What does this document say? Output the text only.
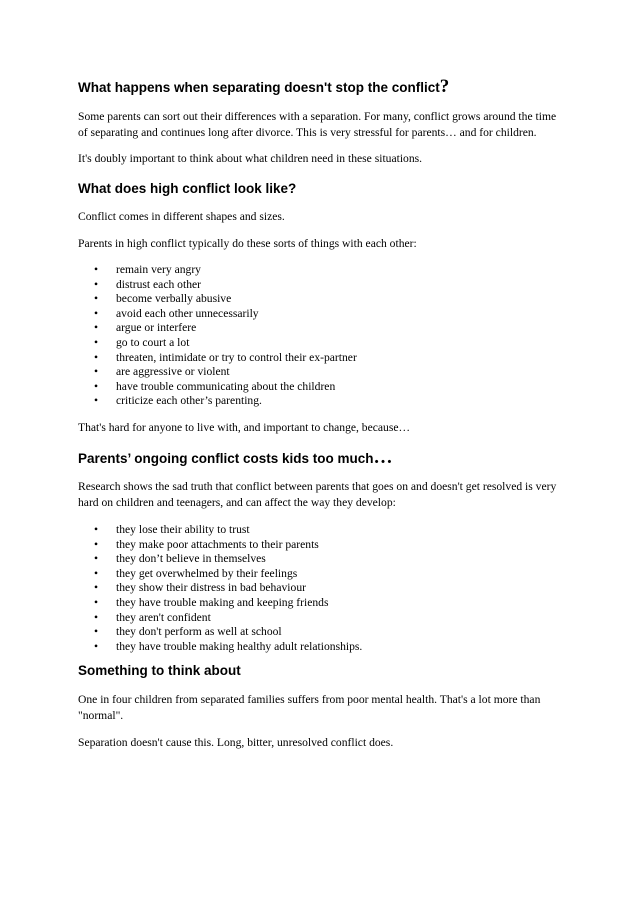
What happens when separating doesn't stop the conflict?

Some parents can sort out their differences with a separation. For many, conflict grows around the time of separating and continues long after divorce. This is very stressful for parents… and for children.

It's doubly important to think about what children need in these situations.

What does high conflict look like?

Conflict comes in different shapes and sizes.

Parents in high conflict typically do these sorts of things with each other:

• remain very angry
• distrust each other
• become verbally abusive
• avoid each other unnecessarily
• argue or interfere
• go to court a lot
• threaten, intimidate or try to control their ex-partner
• are aggressive or violent
• have trouble communicating about the children
• criticize each other’s parenting.

That's hard for anyone to live with, and important to change, because…

Parents’ ongoing conflict costs kids too much…

Research shows the sad truth that conflict between parents that goes on and doesn't get resolved is very hard on children and teenagers, and can affect the way they develop:

• they lose their ability to trust
• they make poor attachments to their parents
• they don’t believe in themselves
• they get overwhelmed by their feelings
• they show their distress in bad behaviour
• they have trouble making and keeping friends
• they aren't confident
• they don't perform as well at school
• they have trouble making healthy adult relationships.
Something to think about

One in four children from separated families suffers from poor mental health. That's a lot more than "normal".

Separation doesn't cause this. Long, bitter, unresolved conflict does.
